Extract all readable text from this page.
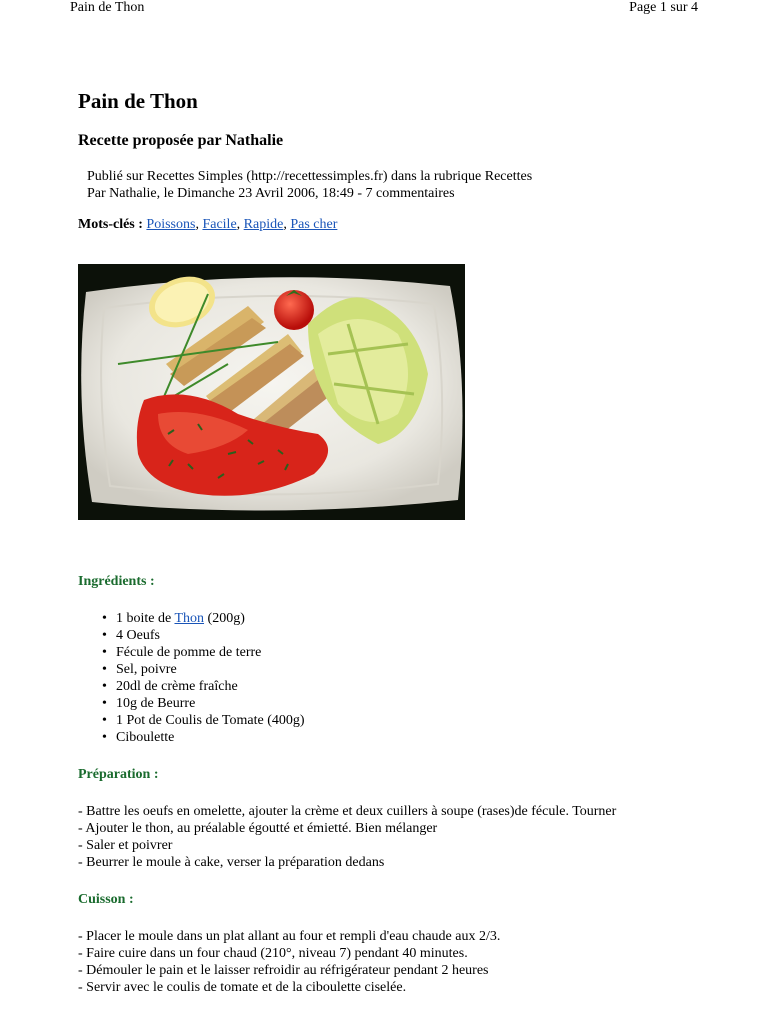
Pain de Thon	Page 1 sur 4
Pain de Thon
Recette proposée par Nathalie
Publié sur Recettes Simples (http://recettessimples.fr) dans la rubrique Recettes
Par Nathalie, le Dimanche 23 Avril 2006, 18:49 - 7 commentaires
Mots-clés : Poissons, Facile, Rapide, Pas cher
Ingrédients :
• 1 boite de Thon (200g)
• 4 Oeufs
• Fécule de pomme de terre
• Sel, poivre
• 20dl de crème fraîche
• 10g de Beurre
• 1 Pot de Coulis de Tomate (400g)
• Ciboulette
Préparation :
- Battre les oeufs en omelette, ajouter la crème et deux cuillers à soupe (rases)de fécule. Tourner
- Ajouter le thon, au préalable égoutté et émietté. Bien mélanger
- Saler et poivrer
- Beurrer le moule à cake, verser la préparation dedans
Cuisson :
- Placer le moule dans un plat allant au four et rempli d'eau chaude aux 2/3.
- Faire cuire dans un four chaud (210°, niveau 7) pendant 40 minutes.
- Démouler le pain et le laisser refroidir au réfrigérateur pendant 2 heures
- Servir avec le coulis de tomate et de la ciboulette ciselée.
